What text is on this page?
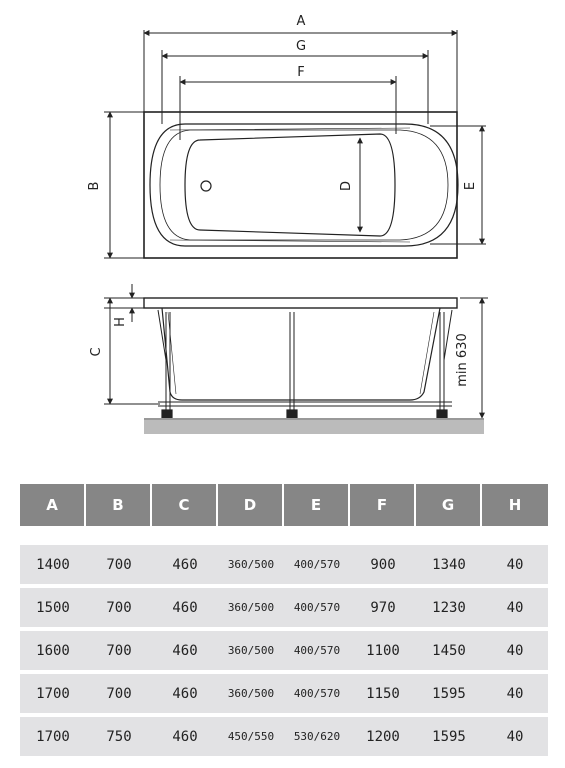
A
G
F
B	D	E
H
C	min 630
A	B	C	D	E	F	G	H

1400	700	460	360/500	400/570	900	1340	40
1500	700	460	360/500	400/570	970	1230	40
1600	700	460	360/500	400/570	1100	1450	40
1700	700	460	360/500	400/570	1150	1595	40
1700	750	460	450/550	530/620	1200	1595	40
